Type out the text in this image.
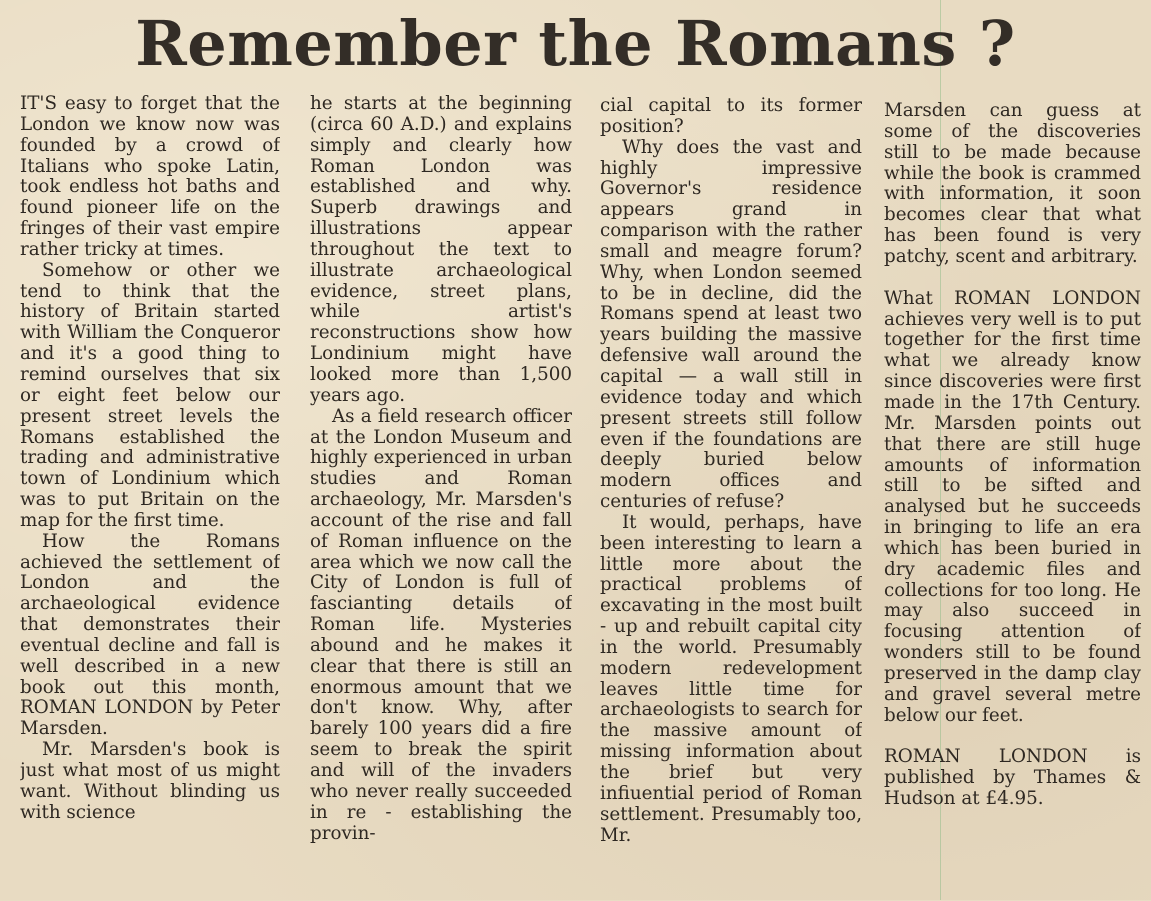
Remember the Romans ?

IT'S easy to forget that the London we know now was founded by a crowd of Italians who spoke Latin, took endless hot baths and found pioneer life on the fringes of their vast empire rather tricky at times.

Somehow or other we tend to think that the history of Britain started with William the Conqueror and it's a good thing to remind ourselves that six or eight feet below our present street levels the Romans established the trading and administrative town of Londinium which was to put Britain on the map for the first time.

How the Romans achieved the settlement of London and the archaeological evidence that demonstrates their eventual decline and fall is well described in a new book out this month, ROMAN LONDON by Peter Marsden.

Mr. Marsden's book is just what most of us might want. Without blinding us with science

he starts at the beginning (circa 60 A.D.) and explains simply and clearly how Roman London was established and why. Superb drawings and illustrations appear throughout the text to illustrate archaeological evidence, street plans, while artist's reconstructions show how Londinium might have looked more than 1,500 years ago.

As a field research officer at the London Museum and highly experienced in urban studies and Roman archaeology, Mr. Marsden's account of the rise and fall of Roman influence on the area which we now call the City of London is full of fascianting details of Roman life. Mysteries abound and he makes it clear that there is still an enormous amount that we don't know. Why, after barely 100 years did a fire seem to break the spirit and will of the invaders who never really succeeded in re - establishing the provin-

cial capital to its former position?

Why does the vast and highly impressive Governor's residence appears grand in comparison with the rather small and meagre forum? Why, when London seemed to be in decline, did the Romans spend at least two years building the massive defensive wall around the capital — a wall still in evidence today and which present streets still follow even if the foundations are deeply buried below modern offices and centuries of refuse?

It would, perhaps, have been interesting to learn a little more about the practical problems of excavating in the most built - up and rebuilt capital city in the world. Presumably modern redevelopment leaves little time for archaeologists to search for the massive amount of missing information about the brief but very infiuential period of Roman settlement. Presumably too, Mr.

Marsden can guess at some of the discoveries still to be made because while the book is crammed with information, it soon becomes clear that what has been found is very patchy, scent and arbitrary.

What ROMAN LONDON achieves very well is to put together for the first time what we already know since discoveries were first made in the 17th Century. Mr. Marsden points out that there are still huge amounts of information still to be sifted and analysed but he succeeds in bringing to life an era which has been buried in dry academic files and collections for too long. He may also succeed in focusing attention of wonders still to be found preserved in the damp clay and gravel several metre below our feet.

ROMAN LONDON is published by Thames & Hudson at £4.95.
